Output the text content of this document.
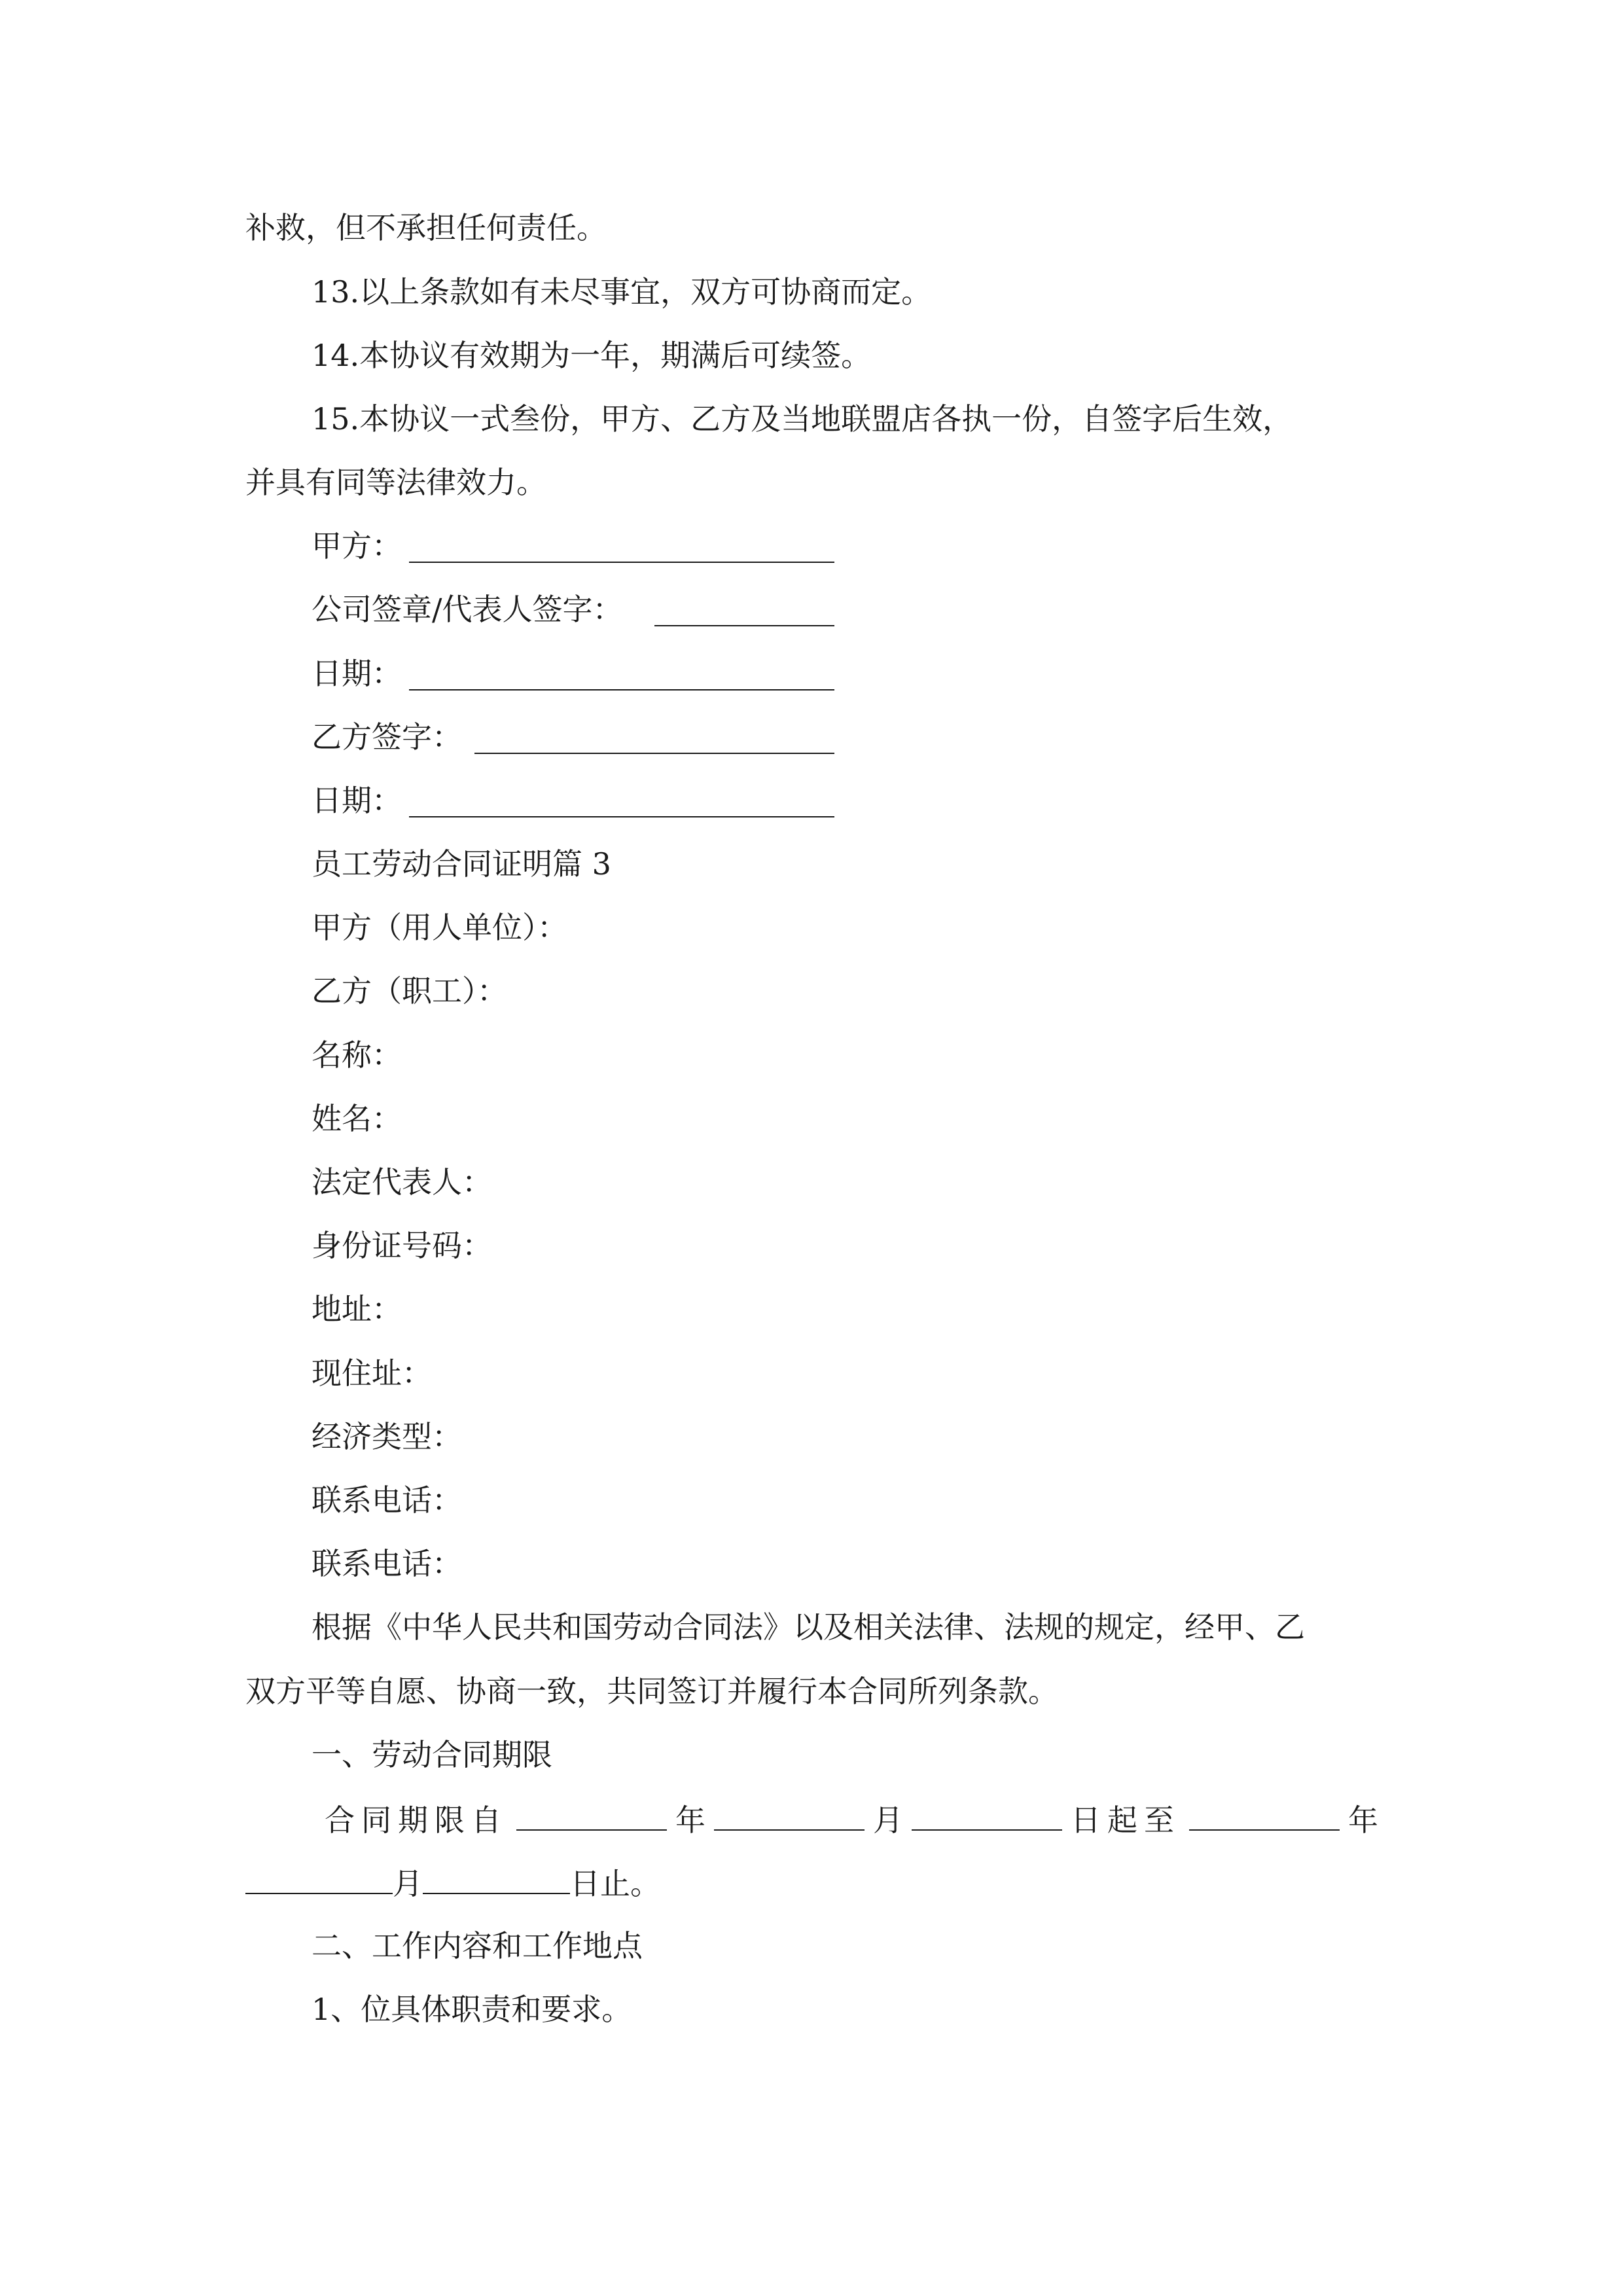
补救，但不承担任何责任。
13.以上条款如有未尽事宜，双方可协商而定。
14.本协议有效期为一年，期满后可续签。
15.本协议一式叁份，甲方、乙方及当地联盟店各执一份，自签字后生效，
并具有同等法律效力。
甲方：
公司签章/代表人签字：
日期：
乙方签字：
日期：
员工劳动合同证明篇 3
甲方（用人单位）：
乙方（职工）：
名称：
姓名：
法定代表人：
身份证号码：
地址：
现住址：
经济类型：
联系电话：
联系电话：
根据《中华人民共和国劳动合同法》以及相关法律、法规的规定，经甲、乙
双方平等自愿、协商一致，共同签订并履行本合同所列条款。
一、劳动合同期限
合同期限自	年	月	日起至	年
月	日止。
二、工作内容和工作地点
1、位具体职责和要求。
